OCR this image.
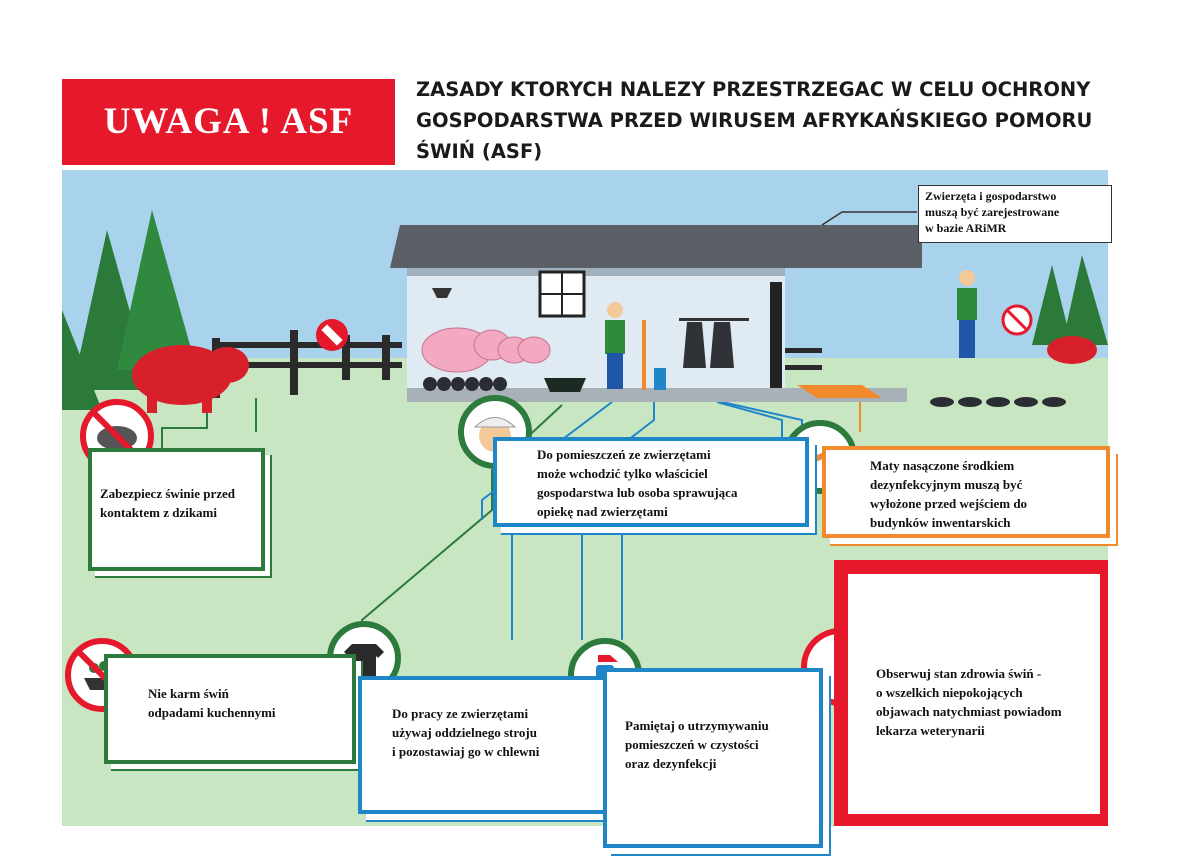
UWAGA ! ASF
ZASADY KTORYCH NALEZY PRZESTRZEGAC W CELU OCHRONY
GOSPODARSTWA PRZED WIRUSEM AFRYKAŃSKIEGO POMORU
ŚWIŃ (ASF)
Zwierzęta i gospodarstwo
muszą być zarejestrowane
w bazie ARiMR
Zabezpiecz świnie przed
kontaktem z dzikami
Do pomieszczeń ze zwierzętami
może wchodzić tylko właściciel
gospodarstwa lub osoba sprawująca
opiekę nad zwierzętami
Maty nasączone środkiem
dezynfekcyjnym muszą być
wyłożone przed wejściem do
budynków inwentarskich
Nie karm świń
odpadami kuchennymi	Do pracy ze zwierzętami
używaj oddzielnego stroju
i pozostawiaj go w chlewni
Pamiętaj o utrzymywaniu
pomieszczeń w czystości
oraz dezynfekcji
Obserwuj stan zdrowia świń -
o wszelkich niepokojących
objawach natychmiast powiadom
lekarza weterynarii
